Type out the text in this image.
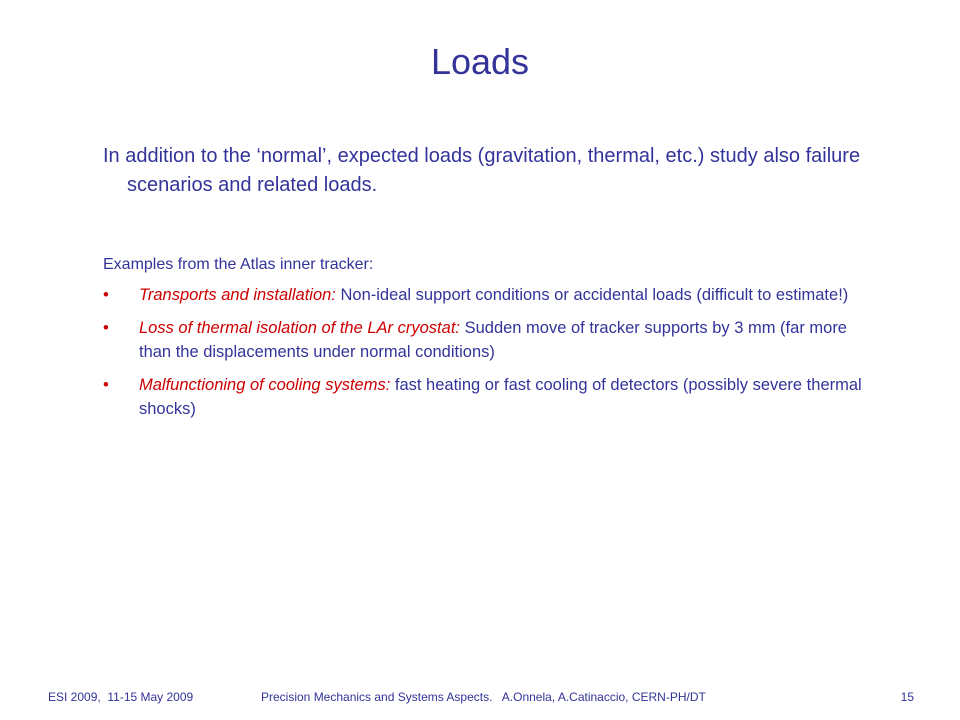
Loads

In addition to the ‘normal’, expected loads (gravitation, thermal, etc.) study also failure scenarios and related loads.

Examples from the Atlas inner tracker:

• Transports and installation: Non-ideal support conditions or accidental loads (difficult to estimate!)
• Loss of thermal isolation of the LAr cryostat: Sudden move of tracker supports by 3 mm (far more than the displacements under normal conditions)
• Malfunctioning of cooling systems: fast heating or fast cooling of detectors (possibly severe thermal shocks)
ESI 2009,  11-15 May 2009	Precision Mechanics and Systems Aspects.   A.Onnela, A.Catinaccio, CERN-PH/DT	15
